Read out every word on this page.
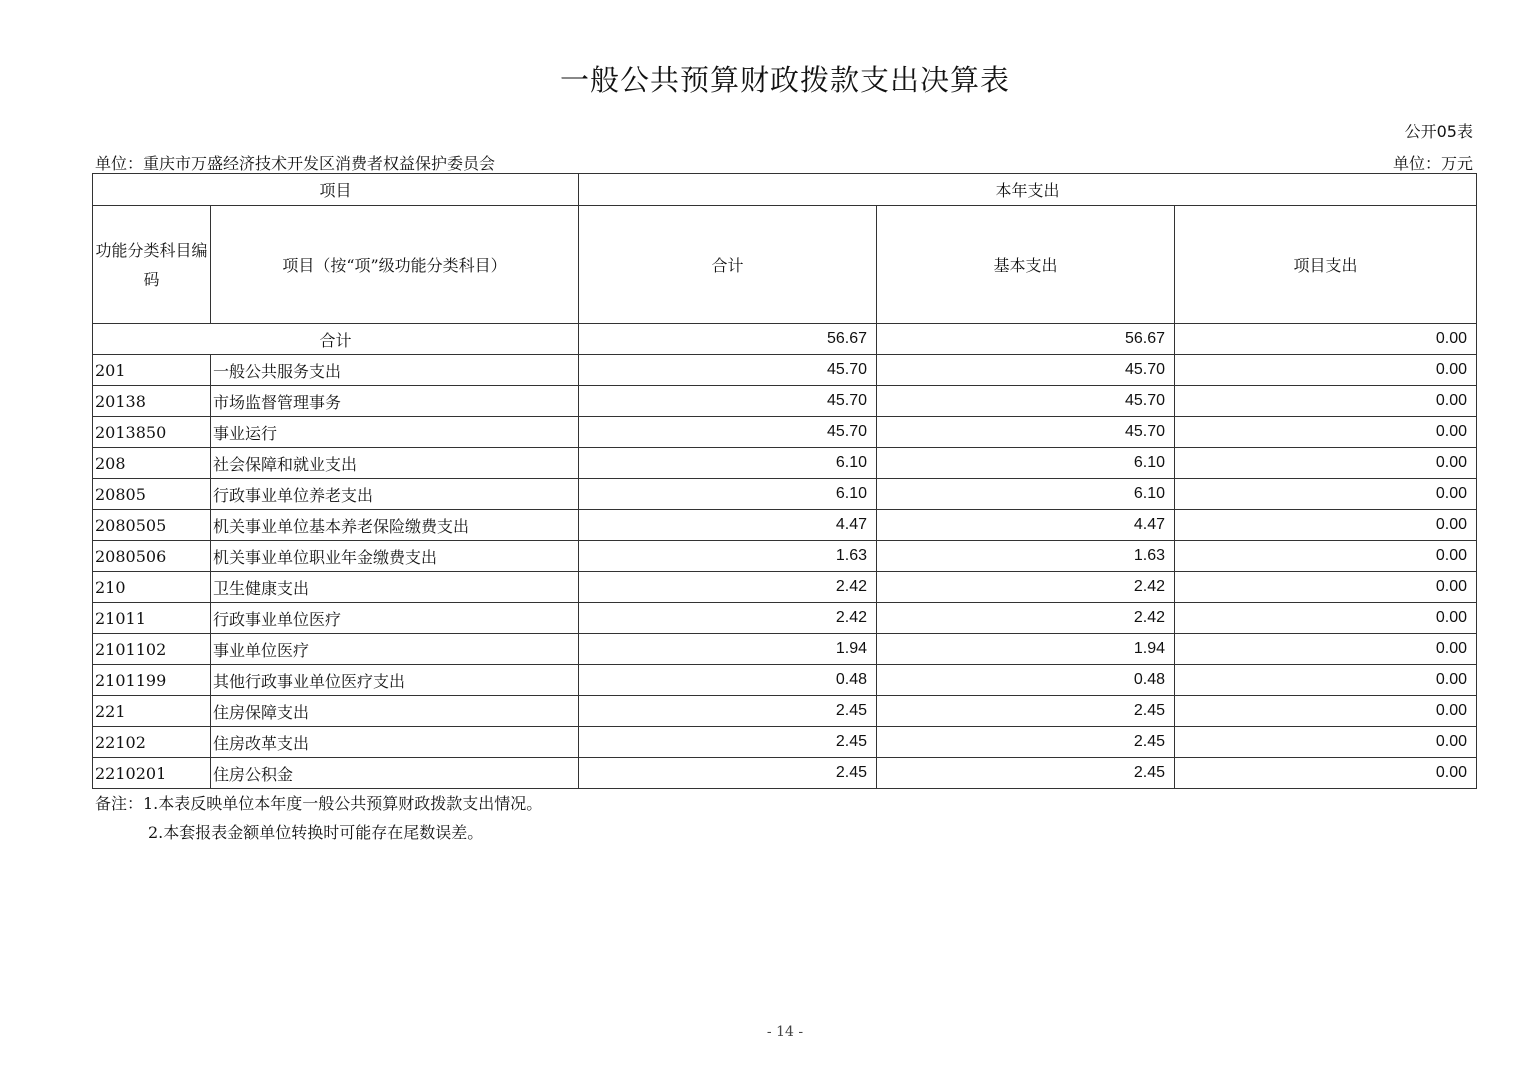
一般公共预算财政拨款支出决算表
公开05表
单位：重庆市万盛经济技术开发区消费者权益保护委员会	单位：万元
项目		本年支出		
功能分类科目编码	项目（按“项”级功能分类科目）	合计	基本支出	项目支出
合计		56.67	56.67	0.00
201	一般公共服务支出	45.70	45.70	0.00
20138	市场监督管理事务	45.70	45.70	0.00
2013850	事业运行	45.70	45.70	0.00
208	社会保障和就业支出	6.10	6.10	0.00
20805	行政事业单位养老支出	6.10	6.10	0.00
2080505	机关事业单位基本养老保险缴费支出	4.47	4.47	0.00
2080506	机关事业单位职业年金缴费支出	1.63	1.63	0.00
210	卫生健康支出	2.42	2.42	0.00
21011	行政事业单位医疗	2.42	2.42	0.00
2101102	事业单位医疗	1.94	1.94	0.00
2101199	其他行政事业单位医疗支出	0.48	0.48	0.00
221	住房保障支出	2.45	2.45	0.00
22102	住房改革支出	2.45	2.45	0.00
2210201	住房公积金	2.45	2.45	0.00
备注：1.本表反映单位本年度一般公共预算财政拨款支出情况。
2.本套报表金额单位转换时可能存在尾数误差。
- 14 -
